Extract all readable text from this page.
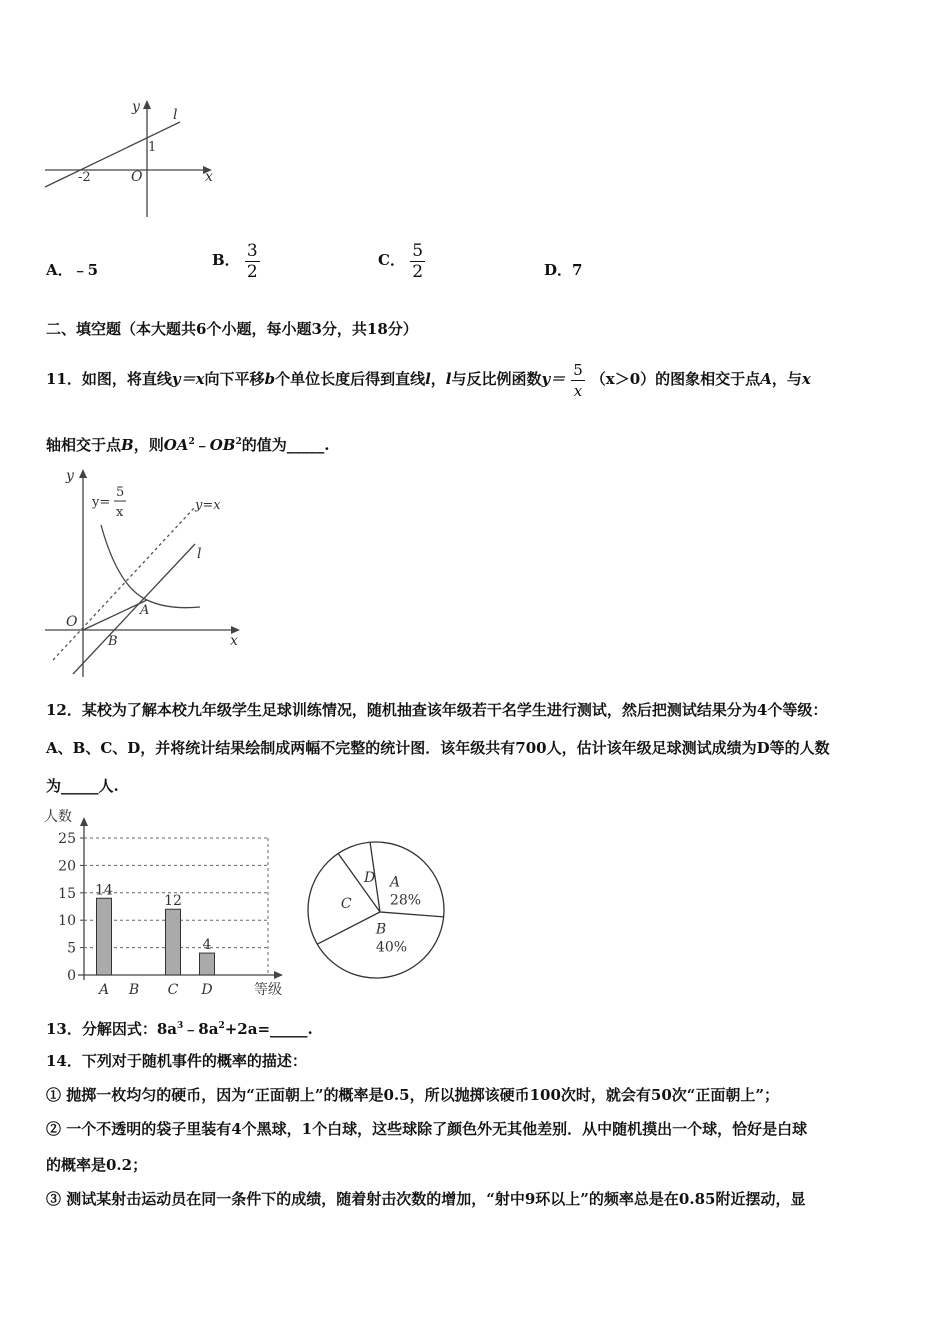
y l
1
-2	O	x
A．﹣5
B． $\frac{3}{2}$	C． $\frac{5}{2}$	D．7
二、填空题（本大题共6个小题，每小题3分，共18分）
11．如图，将直线y＝x向下平移b个单位长度后得到直线l，l与反比例函数$y= \frac{5}{x} (x>0)$的图象相交于点A，与x
轴相交于点B，则$OA^2﹣OB^2$的值为_____.
y
y=
5
x	y=x
l
A
O
B	x
12．某校为了解本校九年级学生足球训练情况，随机抽查该年级若干名学生进行测试，然后把测试结果分为4个等级：
A、B、C、D，并将统计结果绘制成两幅不完整的统计图．该年级共有700人，估计该年级足球测试成绩为D等的人数
为_____人.
0
5
10
15
20
25
14
A B
12
C
4
D
人数
等级
A
28%
B
40%
C
D
13．分解因式：$8a^3﹣8a^2+2a=\_\_\_\_\_$.
14．下列对于随机事件的概率的描述：
① 抛掷一枚均匀的硬币，因为“正面朝上”的概率是0.5，所以抛掷该硬币100次时，就会有50次“正面朝上”；
② 一个不透明的袋子里装有4个黑球，1个白球，这些球除了颜色外无其他差别．从中随机摸出一个球，恰好是白球
的概率是0.2；
③ 测试某射击运动员在同一条件下的成绩，随着射击次数的增加，“射中9环以上”的频率总是在0.85附近摆动，显
